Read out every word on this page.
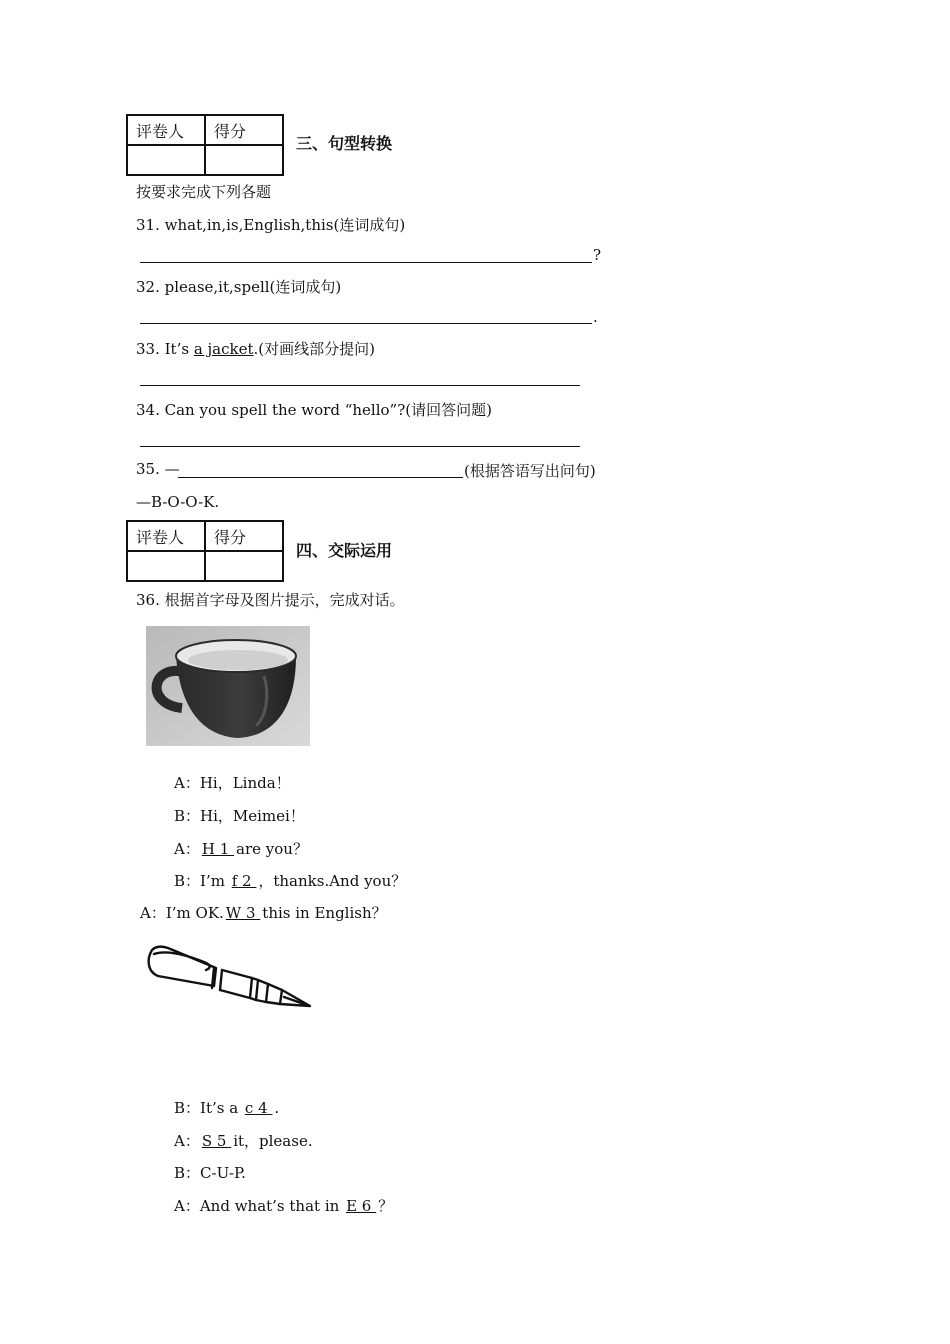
评卷人	得分

三、句型转换
按要求完成下列各题
31. what,in,is,English,this(连词成句)
?
32. please,it,spell(连词成句)
.
33. It’s a jacket.(对画线部分提问)
34. Can you spell the word “hello”?(请回答问题)
35. —	(根据答语写出问句)
—B-O-O-K.
评卷人	得分

四、交际运用
36. 根据首字母及图片提示，完成对话。
A：Hi，Linda！
B：Hi，Meimei！
A： H 1 are you？
B：I’m f 2 ，thanks.And you？
A：I’m OK. W 3 this in English？
B：It’s a c 4 .
A： S 5 it，please.
B：C-U-P.
A：And what’s that in E 6 ？
